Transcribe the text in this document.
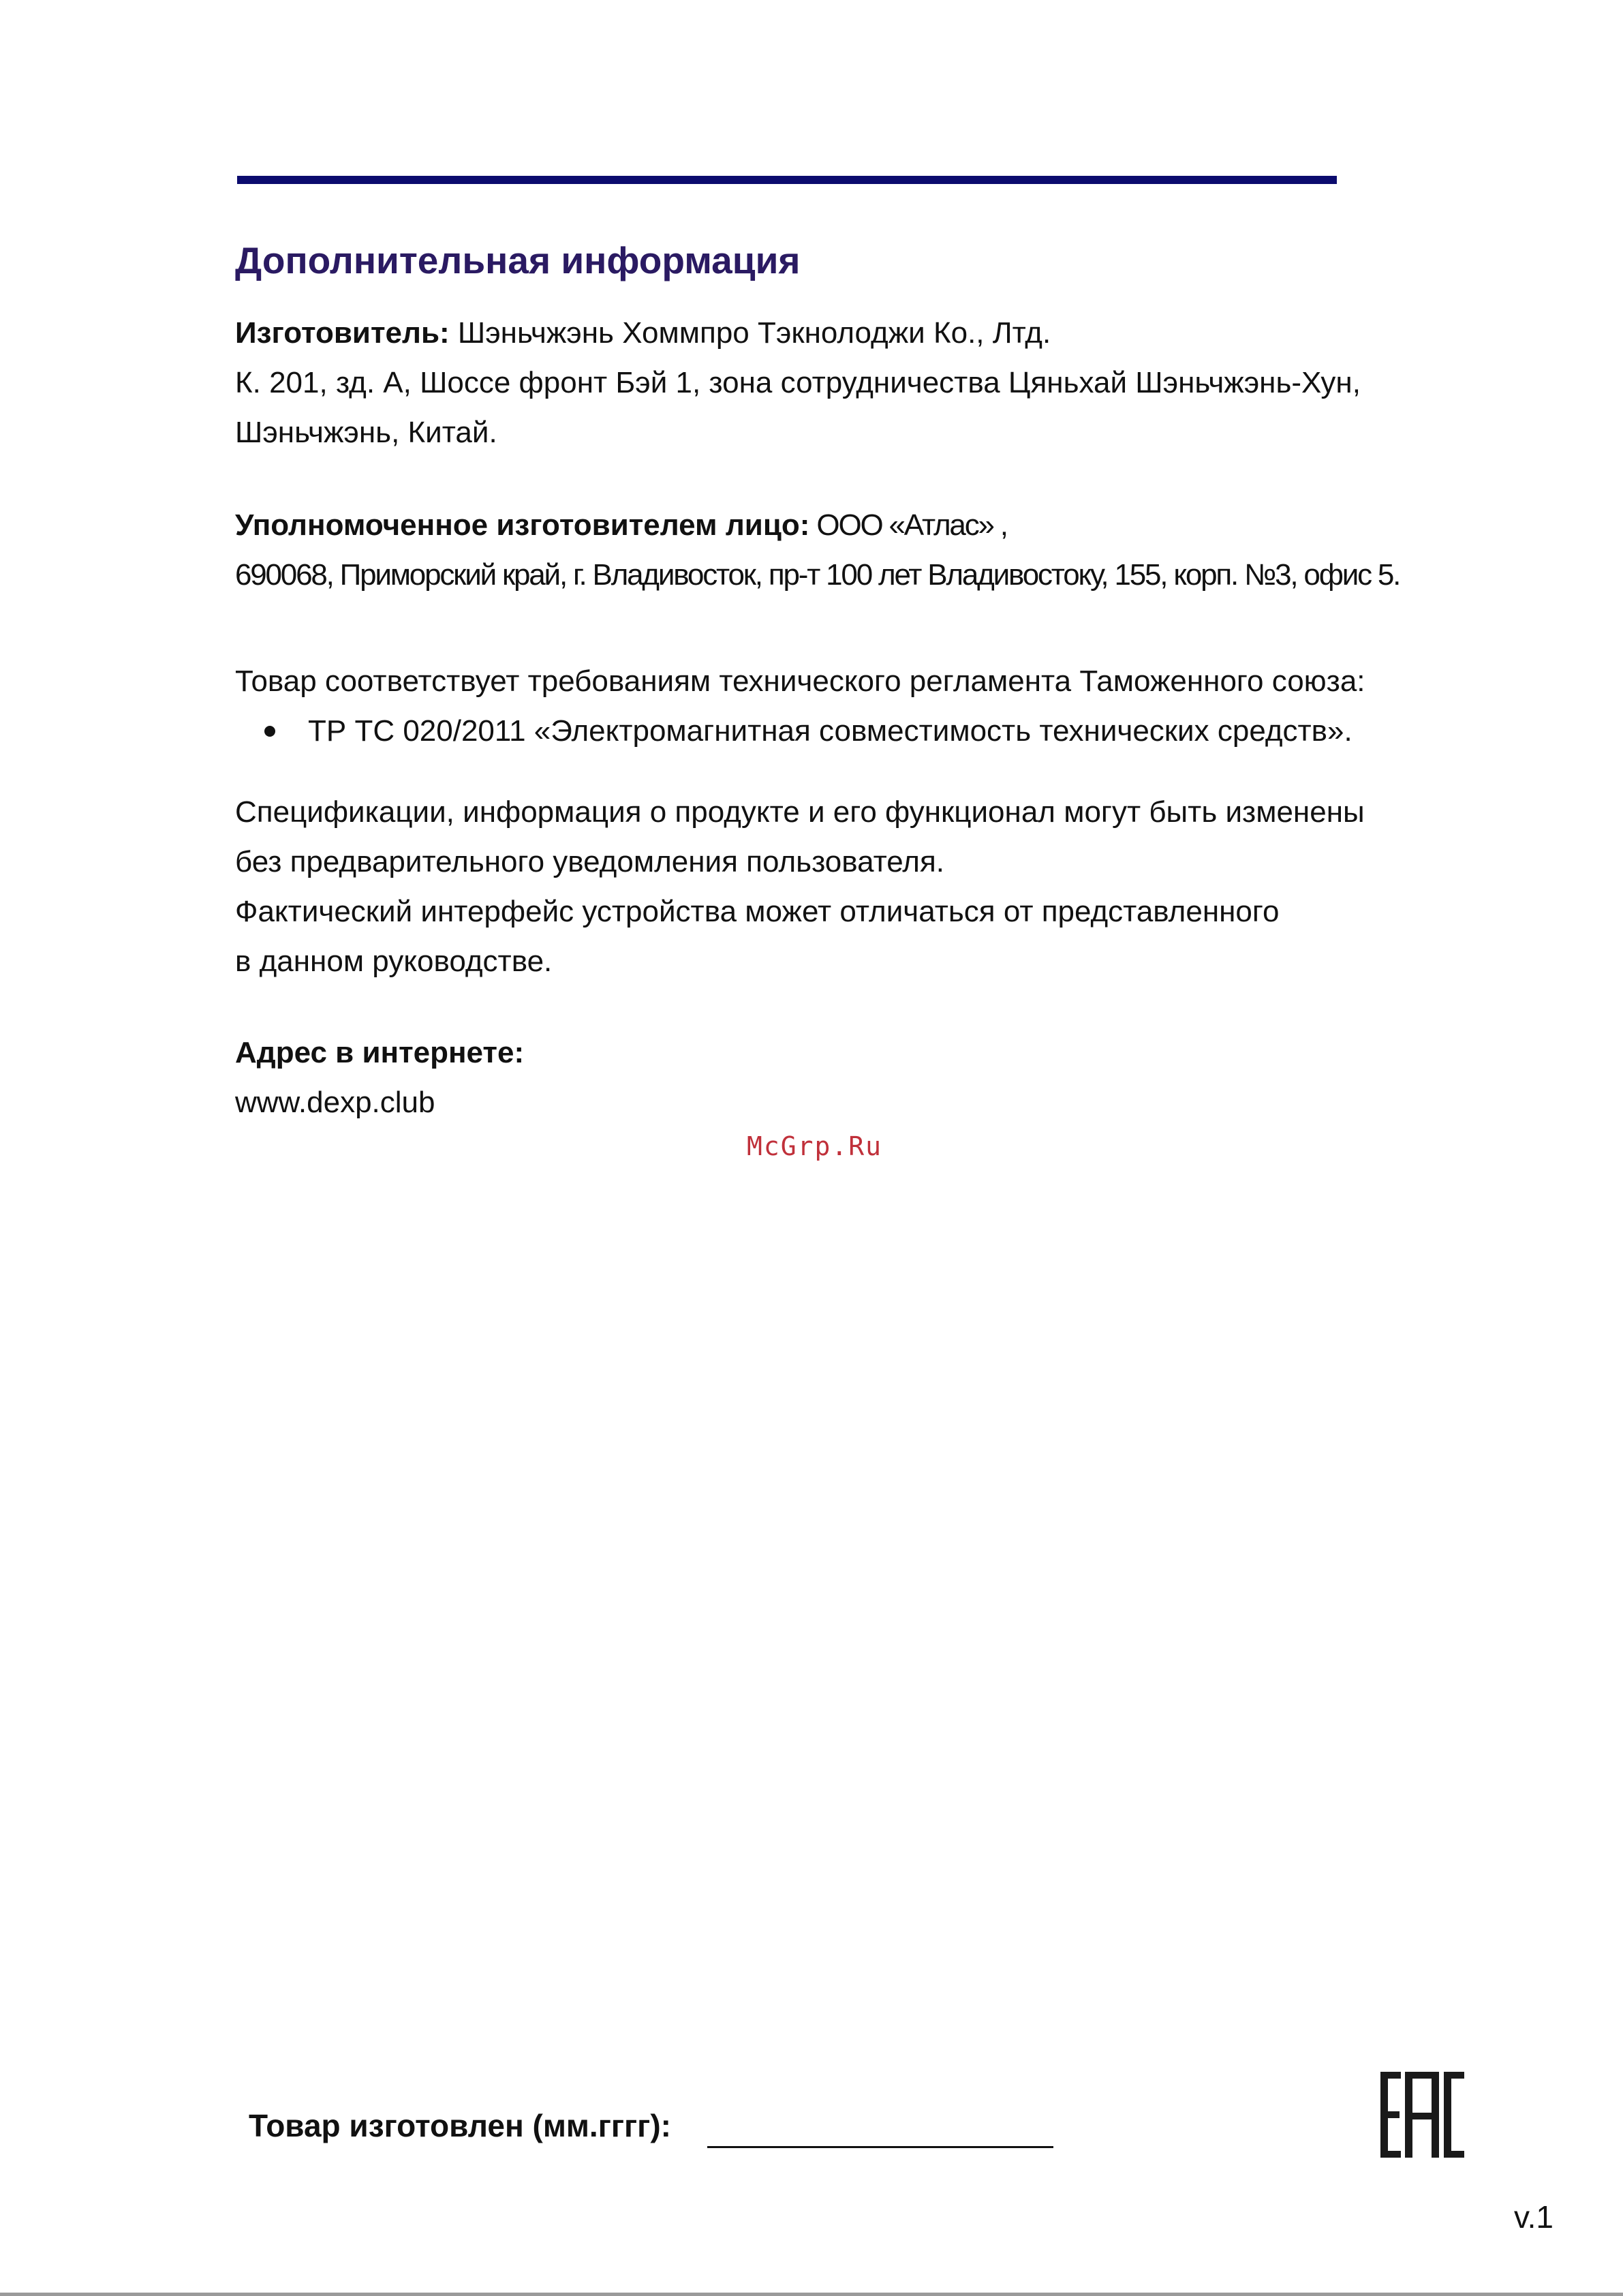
Дополнительная информация
Изготовитель: Шэньчжэнь Хоммпро Тэкнолоджи Ко., Лтд.
К. 201, зд. А, Шоссе фронт Бэй 1, зона сотрудничества Цяньхай Шэньчжэнь-Хун,
Шэньчжэнь, Китай.
Уполномоченное изготовителем лицо: ООО «Атлас» ,
690068, Приморский край, г. Владивосток, пр-т 100 лет Владивостоку, 155, корп. №3, офис 5.
Товар соответствует требованиям технического регламента Таможенного союза:
ТР ТС 020/2011 «Электромагнитная совместимость технических средств».
Спецификации, информация о продукте и его функционал могут быть изменены
без предварительного уведомления пользователя.
Фактический интерфейс устройства может отличаться от представленного
в данном руководстве.
Адрес в интернете:
www.dexp.club
McGrp.Ru
Товар изготовлен (мм.гггг):
v.1
